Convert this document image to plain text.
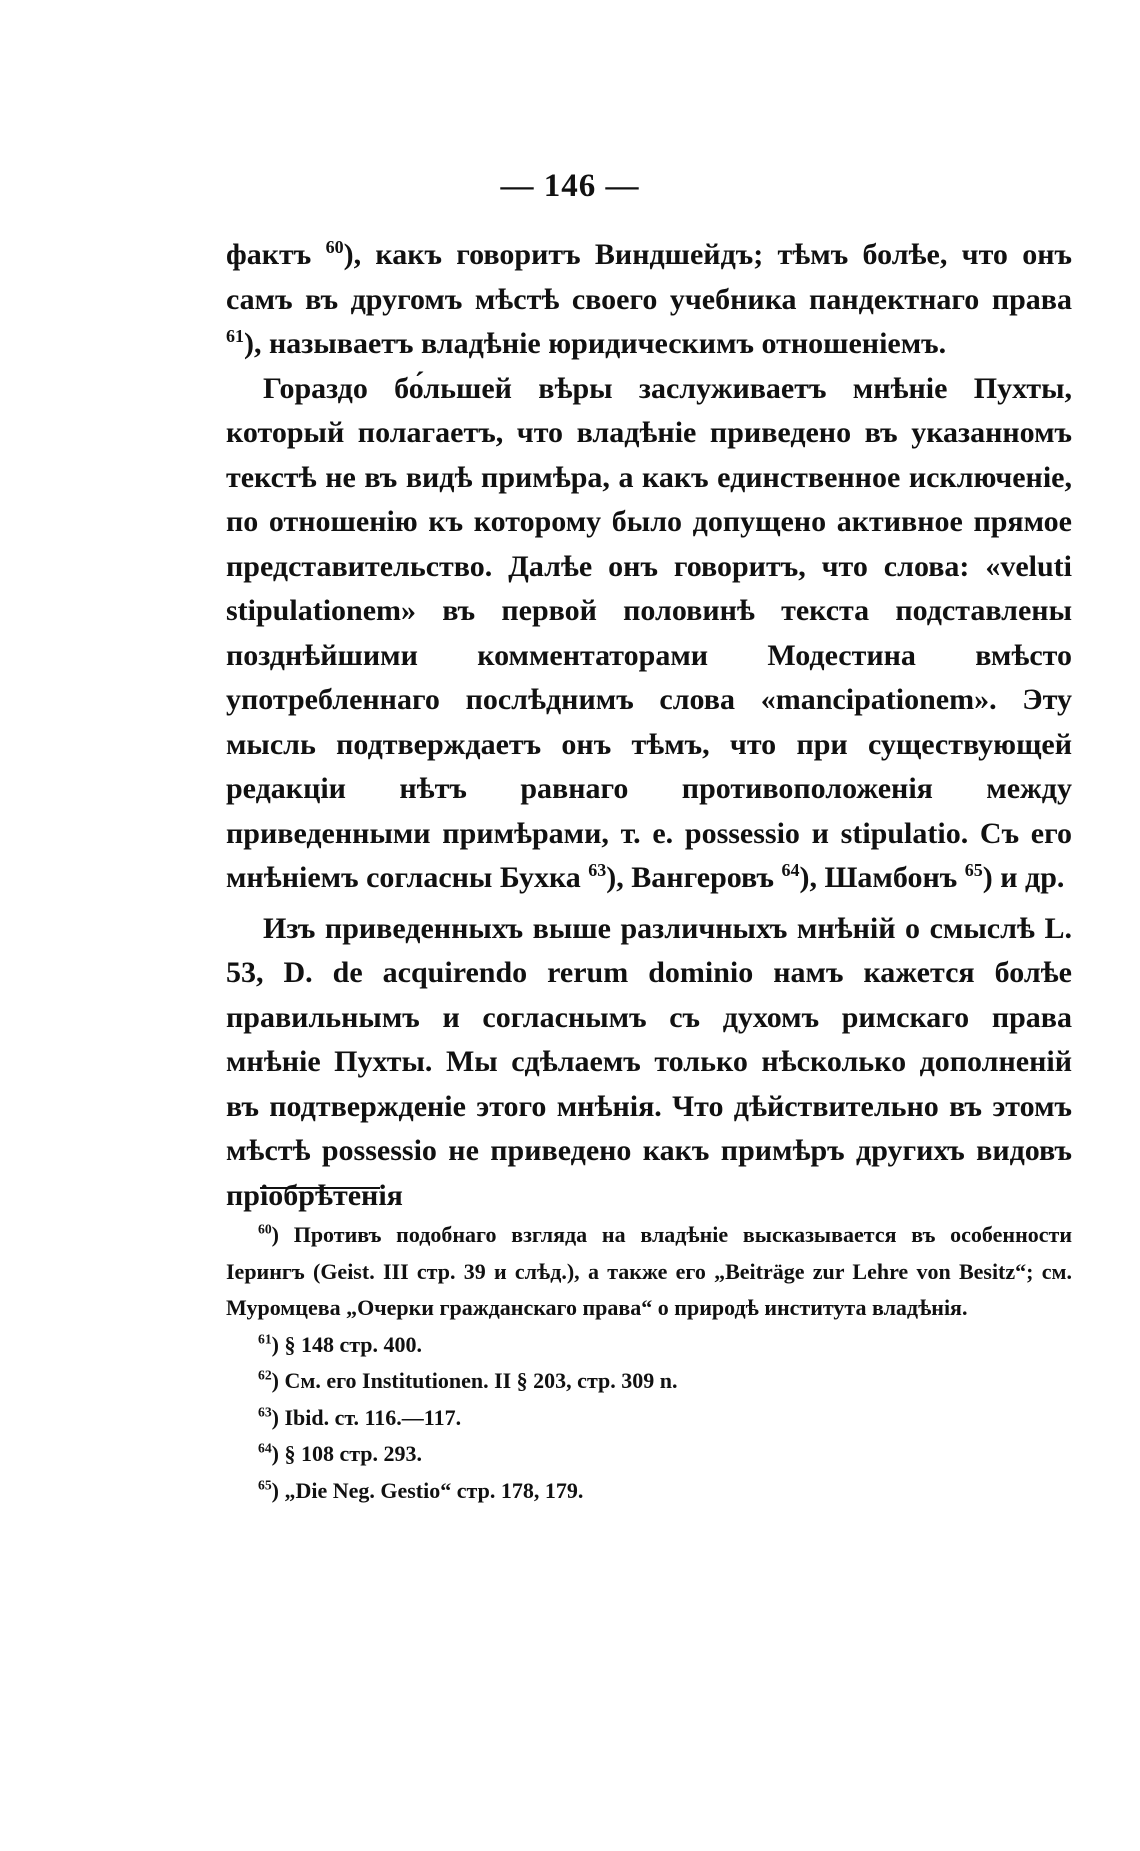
— 146 —

фактъ $^{60}$), какъ говоритъ Виндшейдъ; тѣмъ болѣе, что онъ самъ въ другомъ мѣстѣ своего учебника пандектнаго права $^{61}$), называетъ владѣніе юридическимъ отношеніемъ.

Гораздо бо́льшей вѣры заслуживаетъ мнѣніе Пухты, который полагаетъ, что владѣніе приведено въ указанномъ текстѣ не въ видѣ примѣра, а какъ единственное исключеніе, по отношенію къ которому было допущено активное прямое представительство. Далѣе онъ говоритъ, что слова: «veluti stipulationem» въ первой половинѣ текста подставлены позднѣйшими комментаторами Модестина вмѣсто употребленнаго послѣднимъ слова «mancipationem». Эту мысль подтверждаетъ онъ тѣмъ, что при существующей редакціи нѣтъ равнаго противоположенія между приведенными примѣрами, т. е. possessio и stipulatio. Съ его мнѣніемъ согласны Бухка $^{63}$), Вангеровъ $^{64}$), Шамбонъ $^{65}$) и др.

Изъ приведенныхъ выше различныхъ мнѣній о смыслѣ L. 53, D. de acquirendo rerum dominio намъ кажется болѣе правильнымъ и согласнымъ съ духомъ римскаго права мнѣніе Пухты. Мы сдѣлаемъ только нѣсколько дополненій въ подтвержденіе этого мнѣнія. Что дѣйствительно въ этомъ мѣстѣ possessio не приведено какъ примѣръ другихъ видовъ пріобрѣтенія

$^{60}$) Противъ подобнаго взгляда на владѣніе высказывается въ особенности Іерингъ (Geist. III стр. 39 и слѣд.), а также его „Beiträge zur Lehre von Besitz“; см. Муромцева „Очерки гражданскаго права“ о природѣ института владѣнія.

$^{61}$) § 148 стр. 400.

$^{62}$) См. его Institutionen. II § 203, стр. 309 n.

$^{63}$) Ibid. ст. 116.—117.

$^{64}$) § 108 стр. 293.

$^{65}$) „Die Neg. Gestio“ стр. 178, 179.
